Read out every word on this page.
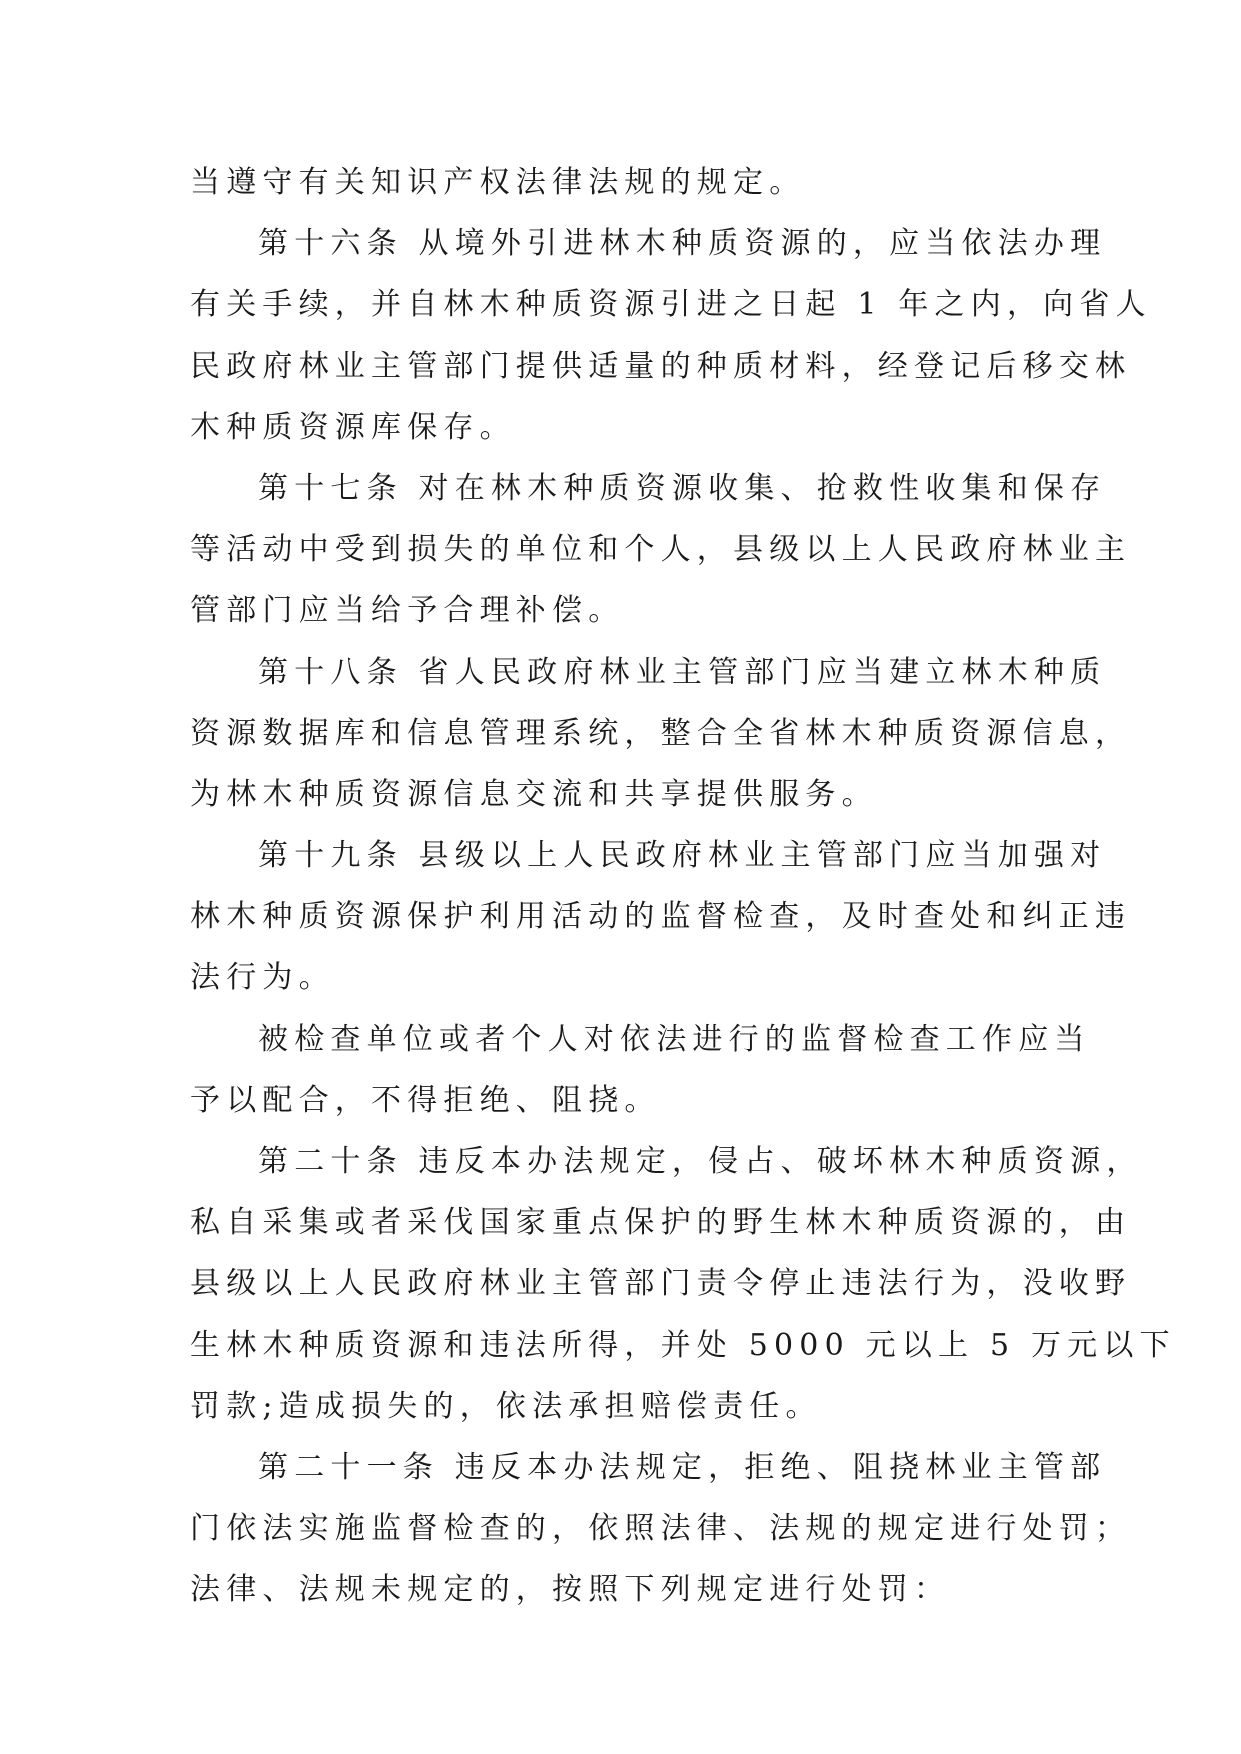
当遵守有关知识产权法律法规的规定。
第十六条 从境外引进林木种质资源的，应当依法办理
有关手续，并自林木种质资源引进之日起 1 年之内，向省人
民政府林业主管部门提供适量的种质材料，经登记后移交林
木种质资源库保存。
第十七条 对在林木种质资源收集、抢救性收集和保存
等活动中受到损失的单位和个人，县级以上人民政府林业主
管部门应当给予合理补偿。
第十八条 省人民政府林业主管部门应当建立林木种质
资源数据库和信息管理系统，整合全省林木种质资源信息，
为林木种质资源信息交流和共享提供服务。
第十九条 县级以上人民政府林业主管部门应当加强对
林木种质资源保护利用活动的监督检查，及时查处和纠正违
法行为。
被检查单位或者个人对依法进行的监督检查工作应当
予以配合，不得拒绝、阻挠。
第二十条 违反本办法规定，侵占、破坏林木种质资源，
私自采集或者采伐国家重点保护的野生林木种质资源的，由
县级以上人民政府林业主管部门责令停止违法行为，没收野
生林木种质资源和违法所得，并处 5000 元以上 5 万元以下
罚款;造成损失的，依法承担赔偿责任。
第二十一条 违反本办法规定，拒绝、阻挠林业主管部
门依法实施监督检查的，依照法律、法规的规定进行处罚；
法律、法规未规定的，按照下列规定进行处罚：
